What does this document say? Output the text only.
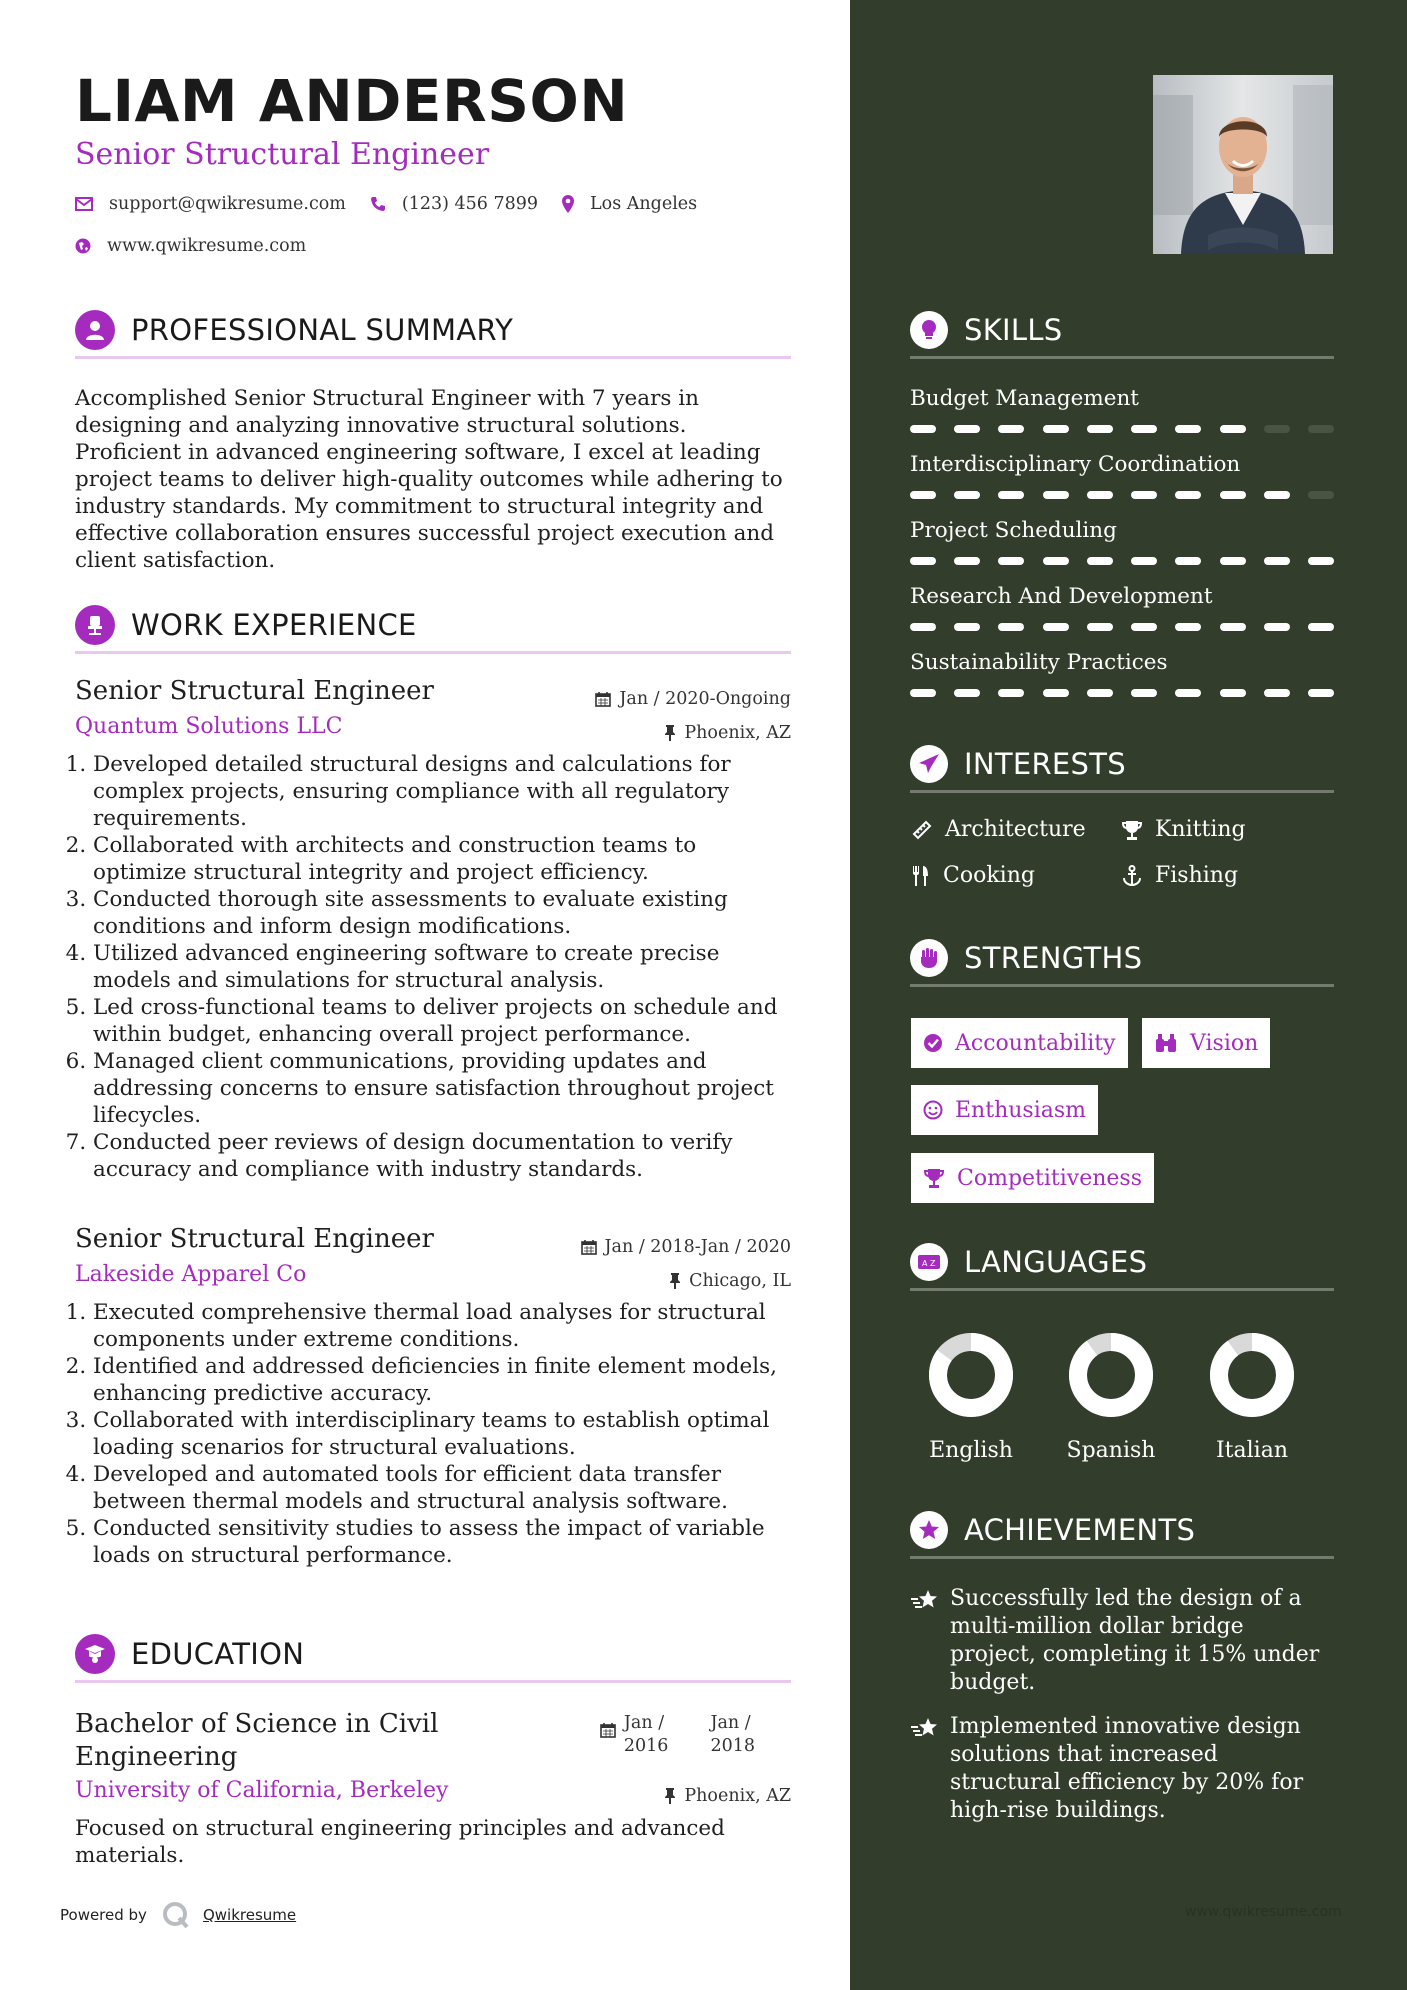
LIAM ANDERSON
Senior Structural Engineer
support@qwikresume.com	(123) 456 7899	Los Angeles
www.qwikresume.com
PROFESSIONAL SUMMARY
Accomplished Senior Structural Engineer with 7 years in designing and analyzing innovative structural solutions. Proficient in advanced engineering software, I excel at leading project teams to deliver high-quality outcomes while adhering to industry standards. My commitment to structural integrity and effective collaboration ensures successful project execution and client satisfaction.
WORK EXPERIENCE
Senior Structural Engineer
Quantum Solutions LLC
Jan / 2020-Ongoing
Phoenix, AZ
1. Developed detailed structural designs and calculations for complex projects, ensuring compliance with all regulatory requirements.
2. Collaborated with architects and construction teams to optimize structural integrity and project efficiency.
3. Conducted thorough site assessments to evaluate existing conditions and inform design modifications.
4. Utilized advanced engineering software to create precise models and simulations for structural analysis.
5. Led cross-functional teams to deliver projects on schedule and within budget, enhancing overall project performance.
6. Managed client communications, providing updates and addressing concerns to ensure satisfaction throughout project lifecycles.
7. Conducted peer reviews of design documentation to verify accuracy and compliance with industry standards.
Senior Structural Engineer
Lakeside Apparel Co
Jan / 2018-Jan / 2020
Chicago, IL
1. Executed comprehensive thermal load analyses for structural components under extreme conditions.
2. Identified and addressed deficiencies in finite element models, enhancing predictive accuracy.
3. Collaborated with interdisciplinary teams to establish optimal loading scenarios for structural evaluations.
4. Developed and automated tools for efficient data transfer between thermal models and structural analysis software.
5. Conducted sensitivity studies to assess the impact of variable loads on structural performance.
EDUCATION
Bachelor of Science in Civil
Engineering
University of California, Berkeley
Jan /
2016
Jan /
2018
Phoenix, AZ
Focused on structural engineering principles and advanced materials.
Powered by	Qwikresume
SKILLS
Budget Management
Interdisciplinary Coordination
Project Scheduling
Research And Development
Sustainability Practices
INTERESTS
Architecture	Knitting
Cooking	Fishing
STRENGTHS
Accountability	Vision
Enthusiasm
Competitiveness
A Z LANGUAGES
English	Spanish	Italian
ACHIEVEMENTS
Successfully led the design of a multi-million dollar bridge project, completing it 15% under budget.
Implemented innovative design solutions that increased structural efficiency by 20% for high-rise buildings.
www.qwikresume.com
